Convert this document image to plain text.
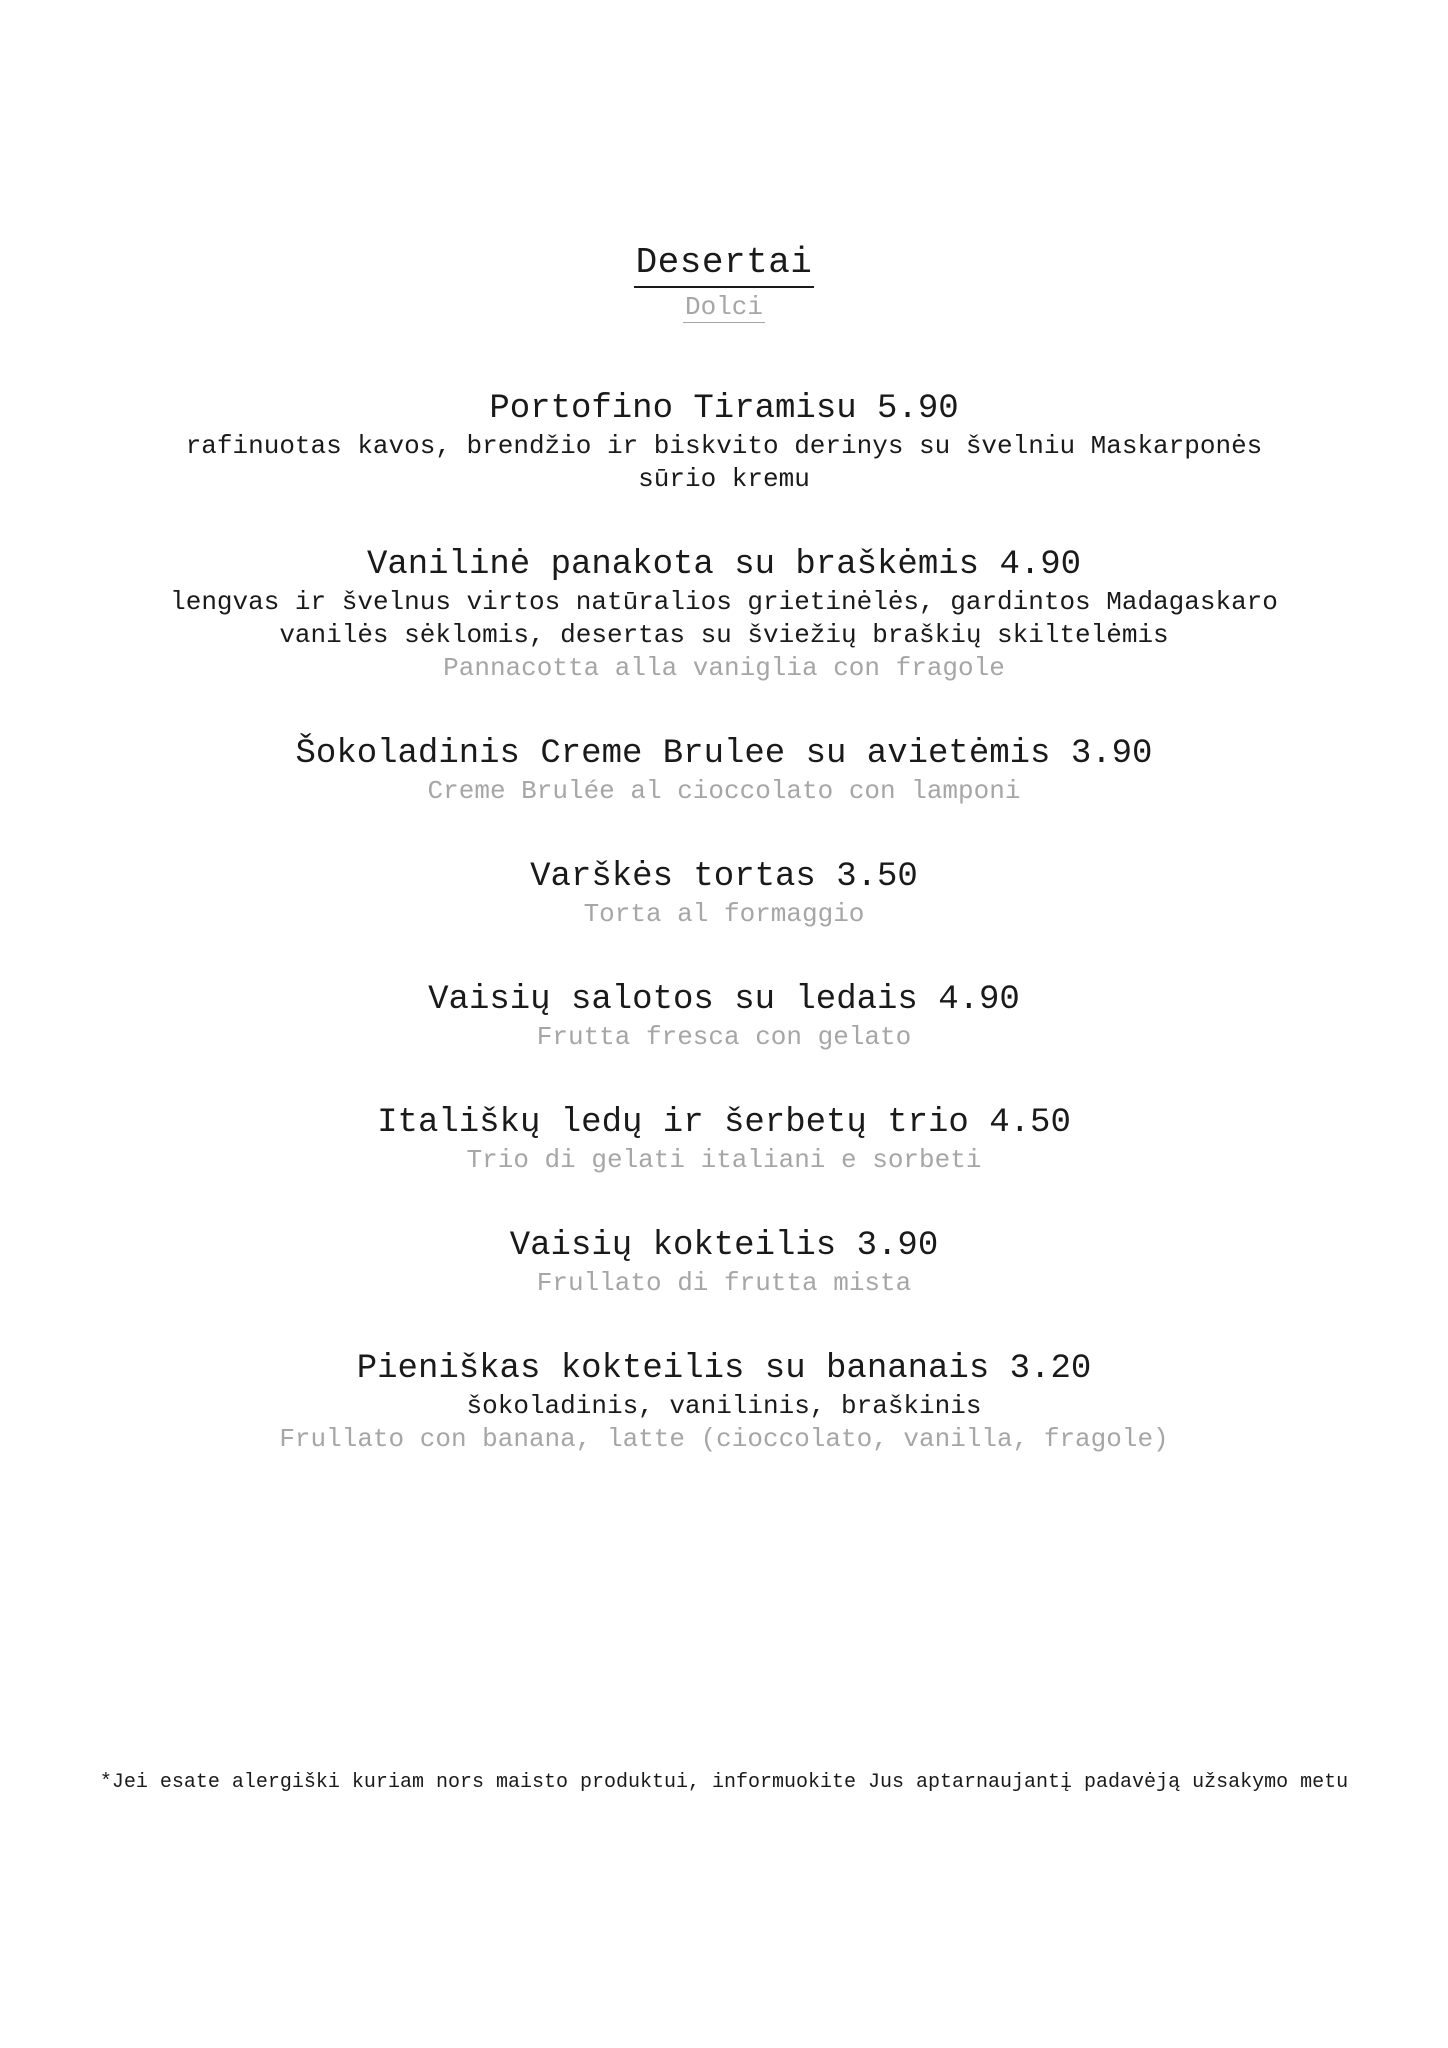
Desertai
Dolci
Portofino Tiramisu 5.90
rafinuotas kavos, brendžio ir biskvito derinys su švelniu Maskarponės
sūrio kremu
Vanilinė panakota su braškėmis 4.90
lengvas ir švelnus virtos natūralios grietinėlės, gardintos Madagaskaro
vanilės sėklomis, desertas su šviežių braškių skiltelėmis
Pannacotta alla vaniglia con fragole
Šokoladinis Creme Brulee su avietėmis 3.90
Creme Brulée al cioccolato con lamponi
Varškės tortas 3.50
Torta al formaggio
Vaisių salotos su ledais 4.90
Frutta fresca con gelato
Itališkų ledų ir šerbetų trio 4.50
Trio di gelati italiani e sorbeti
Vaisių kokteilis 3.90
Frullato di frutta mista
Pieniškas kokteilis su bananais 3.20
šokoladinis, vanilinis, braškinis
Frullato con banana, latte (cioccolato, vanilla, fragole)
*Jei esate alergiški kuriam nors maisto produktui, informuokite Jus aptarnaujantį padavėją užsakymo metu
